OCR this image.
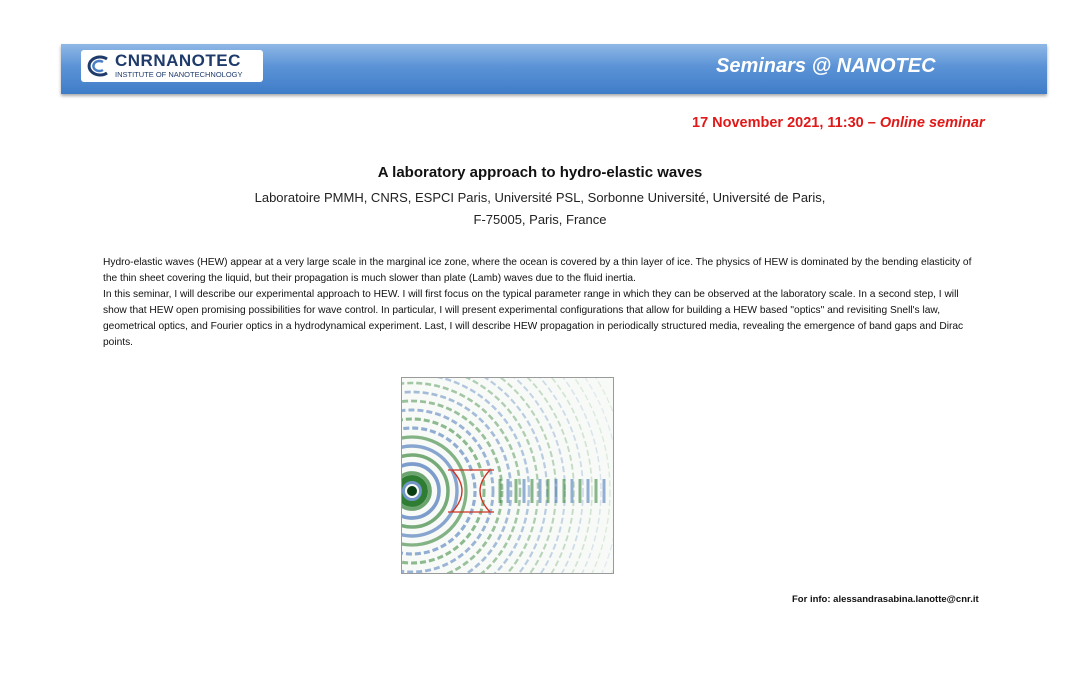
CNRNANOTEC
INSTITUTE OF NANOTECHNOLOGY	Seminars @ NANOTEC
17 November 2021, 11:30 – Online seminar
A laboratory approach to hydro-elastic waves
Laboratoire PMMH, CNRS, ESPCI Paris, Université PSL, Sorbonne Université, Université de Paris,
F-75005, Paris, France

Hydro-elastic waves (HEW) appear at a very large scale in the marginal ice zone, where the ocean is covered by a thin layer of ice. The physics of HEW is dominated by the bending elasticity of the thin sheet covering the liquid, but their propagation is much slower than plate (Lamb) waves due to the fluid inertia.

In this seminar, I will describe our experimental approach to HEW. I will first focus on the typical parameter range in which they can be observed at the laboratory scale. In a second step, I will show that HEW open promising possibilities for wave control. In particular, I will present experimental configurations that allow for building a HEW based "optics" and revisiting Snell's law, geometrical optics, and Fourier optics in a hydrodynamical experiment. Last, I will describe HEW propagation in periodically structured media, revealing the emergence of band gaps and Dirac points.

For info: alessandrasabina.lanotte@cnr.it
